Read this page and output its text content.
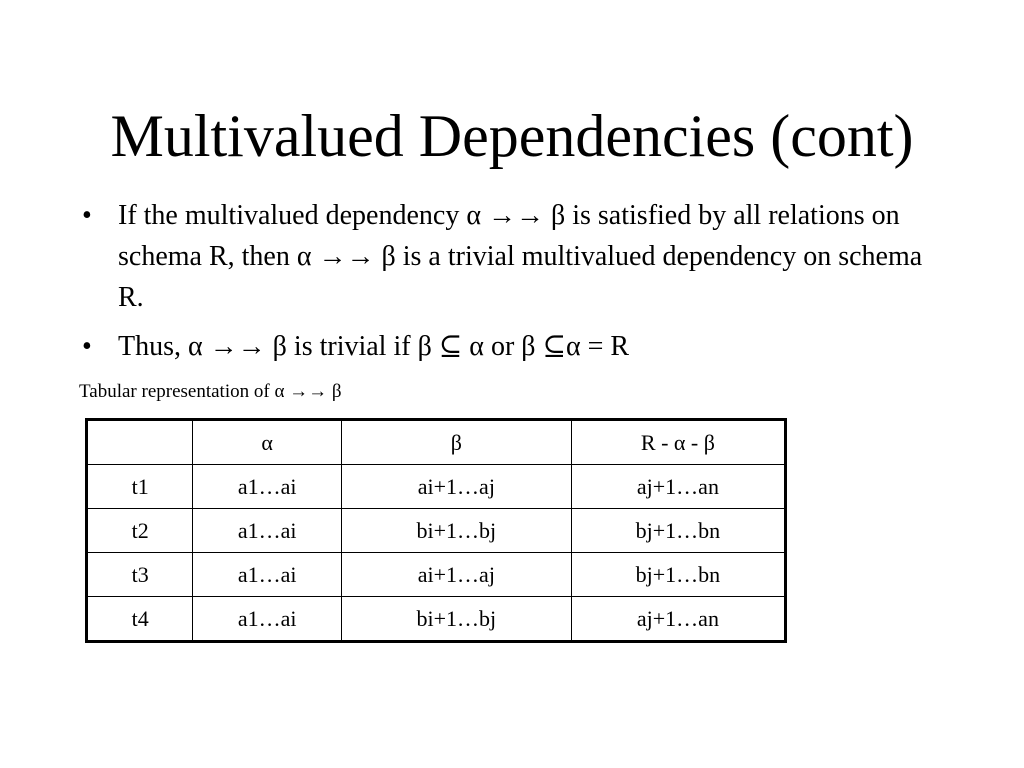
Multivalued Dependencies (cont)
• If the multivalued dependency α →→ β is satisfied by all relations on schema R, then α →→ β is a trivial multivalued dependency on schema R.
• Thus, α →→ β is trivial if β ⊆ α or β ⊆α = R
Tabular representation of α →→ β
	α	β	R - α - β
t1	a1…ai	ai+1…aj	aj+1…an
t2	a1…ai	bi+1…bj	bj+1…bn
t3	a1…ai	ai+1…aj	bj+1…bn
t4	a1…ai	bi+1…bj	aj+1…an
